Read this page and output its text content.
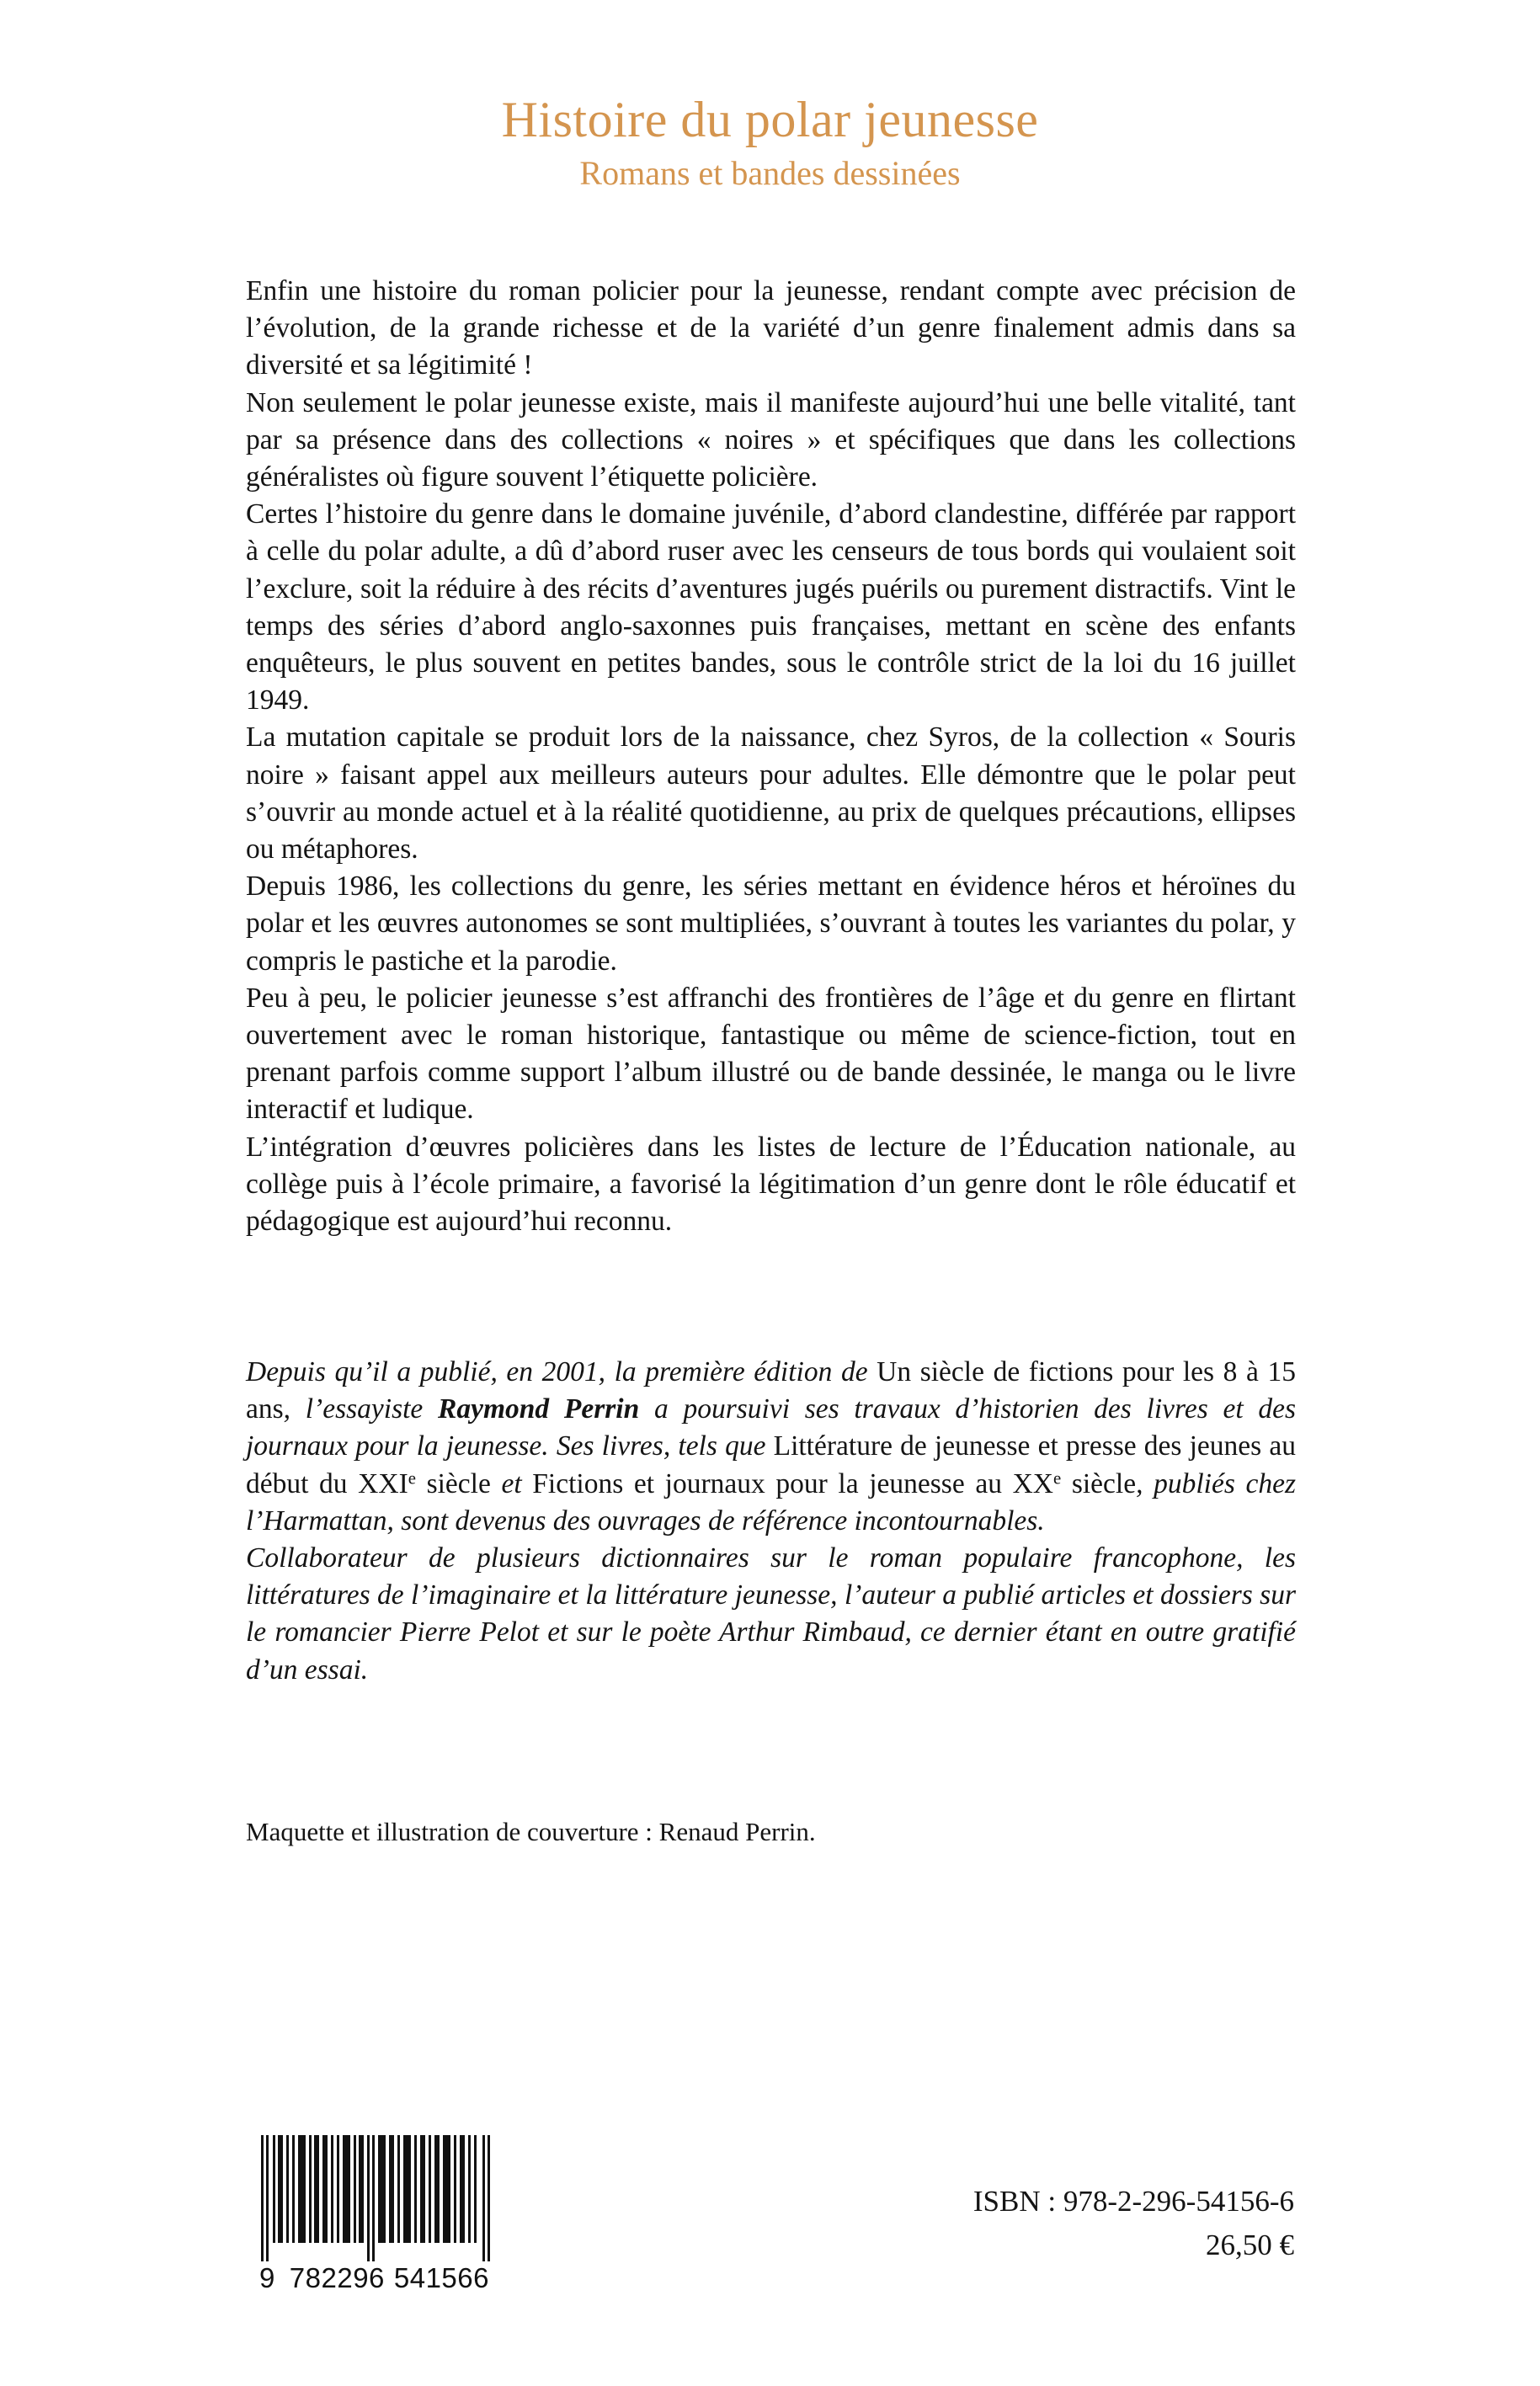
Histoire du polar jeunesse
Romans et bandes dessinées

Enfin une histoire du roman policier pour la jeunesse, rendant compte avec précision de l’évolution, de la grande richesse et de la variété d’un genre finalement admis dans sa diversité et sa légitimité !

Non seulement le polar jeunesse existe, mais il manifeste aujourd’hui une belle vitalité, tant par sa présence dans des collections « noires » et spécifiques que dans les collections généralistes où figure souvent l’étiquette policière.

Certes l’histoire du genre dans le domaine juvénile, d’abord clandestine, différée par rapport à celle du polar adulte, a dû d’abord ruser avec les censeurs de tous bords qui voulaient soit l’exclure, soit la réduire à des récits d’aventures jugés puérils ou purement distractifs. Vint le temps des séries d’abord anglo-saxonnes puis françaises, mettant en scène des enfants enquêteurs, le plus souvent en petites bandes, sous le contrôle strict de la loi du 16 juillet 1949.

La mutation capitale se produit lors de la naissance, chez Syros, de la collection « Souris noire » faisant appel aux meilleurs auteurs pour adultes. Elle démontre que le polar peut s’ouvrir au monde actuel et à la réalité quotidienne, au prix de quelques précautions, ellipses ou métaphores.

Depuis 1986, les collections du genre, les séries mettant en évidence héros et héroïnes du polar et les œuvres autonomes se sont multipliées, s’ouvrant à toutes les variantes du polar, y compris le pastiche et la parodie.

Peu à peu, le policier jeunesse s’est affranchi des frontières de l’âge et du genre en flirtant ouvertement avec le roman historique, fantastique ou même de science-fiction, tout en prenant parfois comme support l’album illustré ou de bande dessinée, le manga ou le livre interactif et ludique.

L’intégration d’œuvres policières dans les listes de lecture de l’Éducation nationale, au collège puis à l’école primaire, a favorisé la légitimation d’un genre dont le rôle éducatif et pédagogique est aujourd’hui reconnu.

Depuis qu’il a publié, en 2001, la première édition de Un siècle de fictions pour les 8 à 15 ans, l’essayiste Raymond Perrin a poursuivi ses travaux d’historien des livres et des journaux pour la jeunesse. Ses livres, tels que Littérature de jeunesse et presse des jeunes au début du XXIe siècle et Fictions et journaux pour la jeunesse au XXe siècle, publiés chez l’Harmattan, sont devenus des ouvrages de référence incontournables.

Collaborateur de plusieurs dictionnaires sur le roman populaire francophone, les littératures de l’imaginaire et la littérature jeunesse, l’auteur a publié articles et dossiers sur le romancier Pierre Pelot et sur le poète Arthur Rimbaud, ce dernier étant en outre gratifié d’un essai.

Maquette et illustration de couverture : Renaud Perrin.

9 782296 541566

ISBN : 978-2-296-54156-6

26,50 €
